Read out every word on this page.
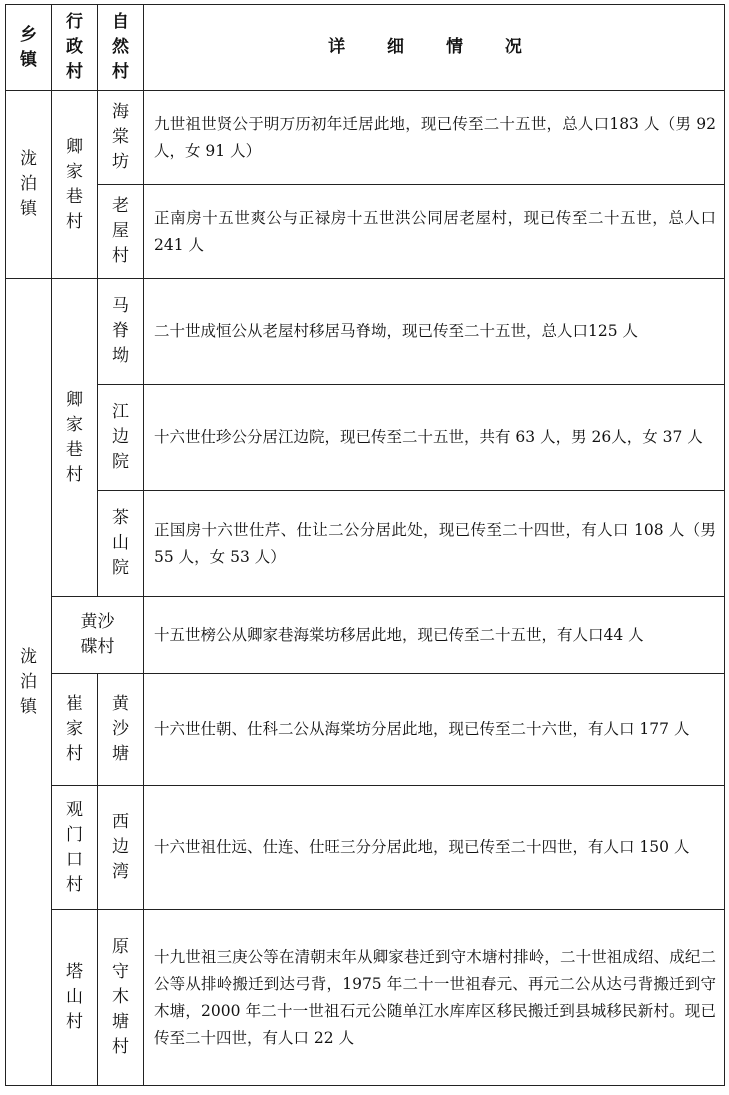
乡镇	行政村	自然村	详 细 情 况

泷泊镇	卿家巷村	海棠坊	九世祖世贤公于明万历初年迁居此地，现已传至二十五世，总人口183 人（男 92 人，女 91 人）

		老屋村	正南房十五世爽公与正禄房十五世洪公同居老屋村，现已传至二十五世，总人口 241 人

泷泊镇	卿家巷村	马脊坳	二十世成恒公从老屋村移居马脊坳，现已传至二十五世，总人口125 人

		江边院	十六世仕珍公分居江边院，现已传至二十五世，共有 63 人，男 26人，女 37 人

		茶山院	正国房十六世仕芹、仕让二公分居此处，现已传至二十四世，有人口 108 人（男 55 人，女 53 人）

	黄沙碟村		十五世榜公从卿家巷海棠坊移居此地，现已传至二十五世，有人口44 人

	崔家村	黄沙塘	十六世仕朝、仕科二公从海棠坊分居此地，现已传至二十六世，有人口 177 人

	观门口村	西边湾	十六世祖仕远、仕连、仕旺三分分居此地，现已传至二十四世，有人口 150 人

	塔山村	原守木塘村	十九世祖三庚公等在清朝末年从卿家巷迁到守木塘村排岭，二十世祖成绍、成纪二公等从排岭搬迁到达弓背，1975 年二十一世祖春元、再元二公从达弓背搬迁到守木塘，2000 年二十一世祖石元公随单江水库库区移民搬迁到县城移民新村。现已传至二十四世，有人口 22 人
